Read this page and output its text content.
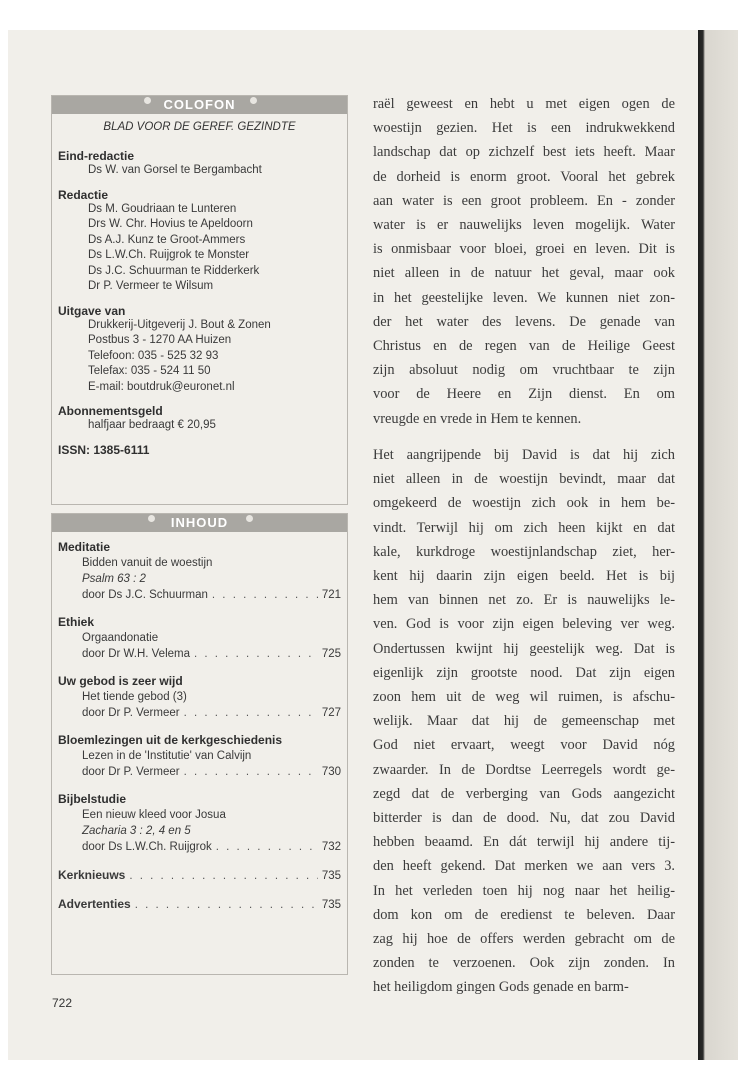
COLOFON
BLAD VOOR DE GEREF. GEZINDTE
Eind-redactie
Ds W. van Gorsel te Bergambacht
Redactie
Ds M. Goudriaan te Lunteren
Drs W. Chr. Hovius te Apeldoorn
Ds A.J. Kunz te Groot-Ammers
Ds L.W.Ch. Ruijgrok te Monster
Ds J.C. Schuurman te Ridderkerk
Dr P. Vermeer te Wilsum
Uitgave van
Drukkerij-Uitgeverij J. Bout & Zonen
Postbus 3 - 1270 AA Huizen
Telefoon: 035 - 525 32 93
Telefax: 035 - 524 11 50
E-mail: boutdruk@euronet.nl
Abonnementsgeld
halfjaar bedraagt € 20,95
ISSN: 1385-6111
INHOUD
Meditatie
Bidden vanuit de woestijn
Psalm 63 : 2
door Ds J.C. Schuurman . . .	721
Ethiek
Orgaandonatie
door Dr W.H. Velema . . .	725
Uw gebod is zeer wijd
Het tiende gebod (3)
door Dr P. Vermeer . . .	727
Bloemlezingen uit de kerkgeschiedenis
Lezen in de 'Institutie' van Calvijn
door Dr P. Vermeer . . .	730
Bijbelstudie
Een nieuw kleed voor Josua
Zacharia 3 : 2, 4 en 5
door Ds L.W.Ch. Ruijgrok . . .	732
Kerknieuws . . .	735
Advertenties . . .	735
raël geweest en hebt u met eigen ogen de
woestijn gezien. Het is een indrukwekkend
landschap dat op zichzelf best iets heeft. Maar
de dorheid is enorm groot. Vooral het gebrek
aan water is een groot probleem. En - zonder
water is er nauwelijks leven mogelijk. Water
is onmisbaar voor bloei, groei en leven. Dit is
niet alleen in de natuur het geval, maar ook
in het geestelijke leven. We kunnen niet zon-
der het water des levens. De genade van
Christus en de regen van de Heilige Geest
zijn absoluut nodig om vruchtbaar te zijn
voor de Heere en Zijn dienst. En om
vreugde en vrede in Hem te kennen.
Het aangrijpende bij David is dat hij zich
niet alleen in de woestijn bevindt, maar dat
omgekeerd de woestijn zich ook in hem be-
vindt. Terwijl hij om zich heen kijkt en dat
kale, kurkdroge woestijnlandschap ziet, her-
kent hij daarin zijn eigen beeld. Het is bij
hem van binnen net zo. Er is nauwelijks le-
ven. God is voor zijn eigen beleving ver weg.
Ondertussen kwijnt hij geestelijk weg. Dat is
eigenlijk zijn grootste nood. Dat zijn eigen
zoon hem uit de weg wil ruimen, is afschu-
welijk. Maar dat hij de gemeenschap met
God niet ervaart, weegt voor David nóg
zwaarder. In de Dordtse Leerregels wordt ge-
zegd dat de verberging van Gods aangezicht
bitterder is dan de dood. Nu, dat zou David
hebben beaamd. En dát terwijl hij andere tij-
den heeft gekend. Dat merken we aan vers 3.
In het verleden toen hij nog naar het heilig-
dom kon om de eredienst te beleven. Daar
zag hij hoe de offers werden gebracht om de
zonden te verzoenen. Ook zijn zonden. In
het heiligdom gingen Gods genade en barm-
722
